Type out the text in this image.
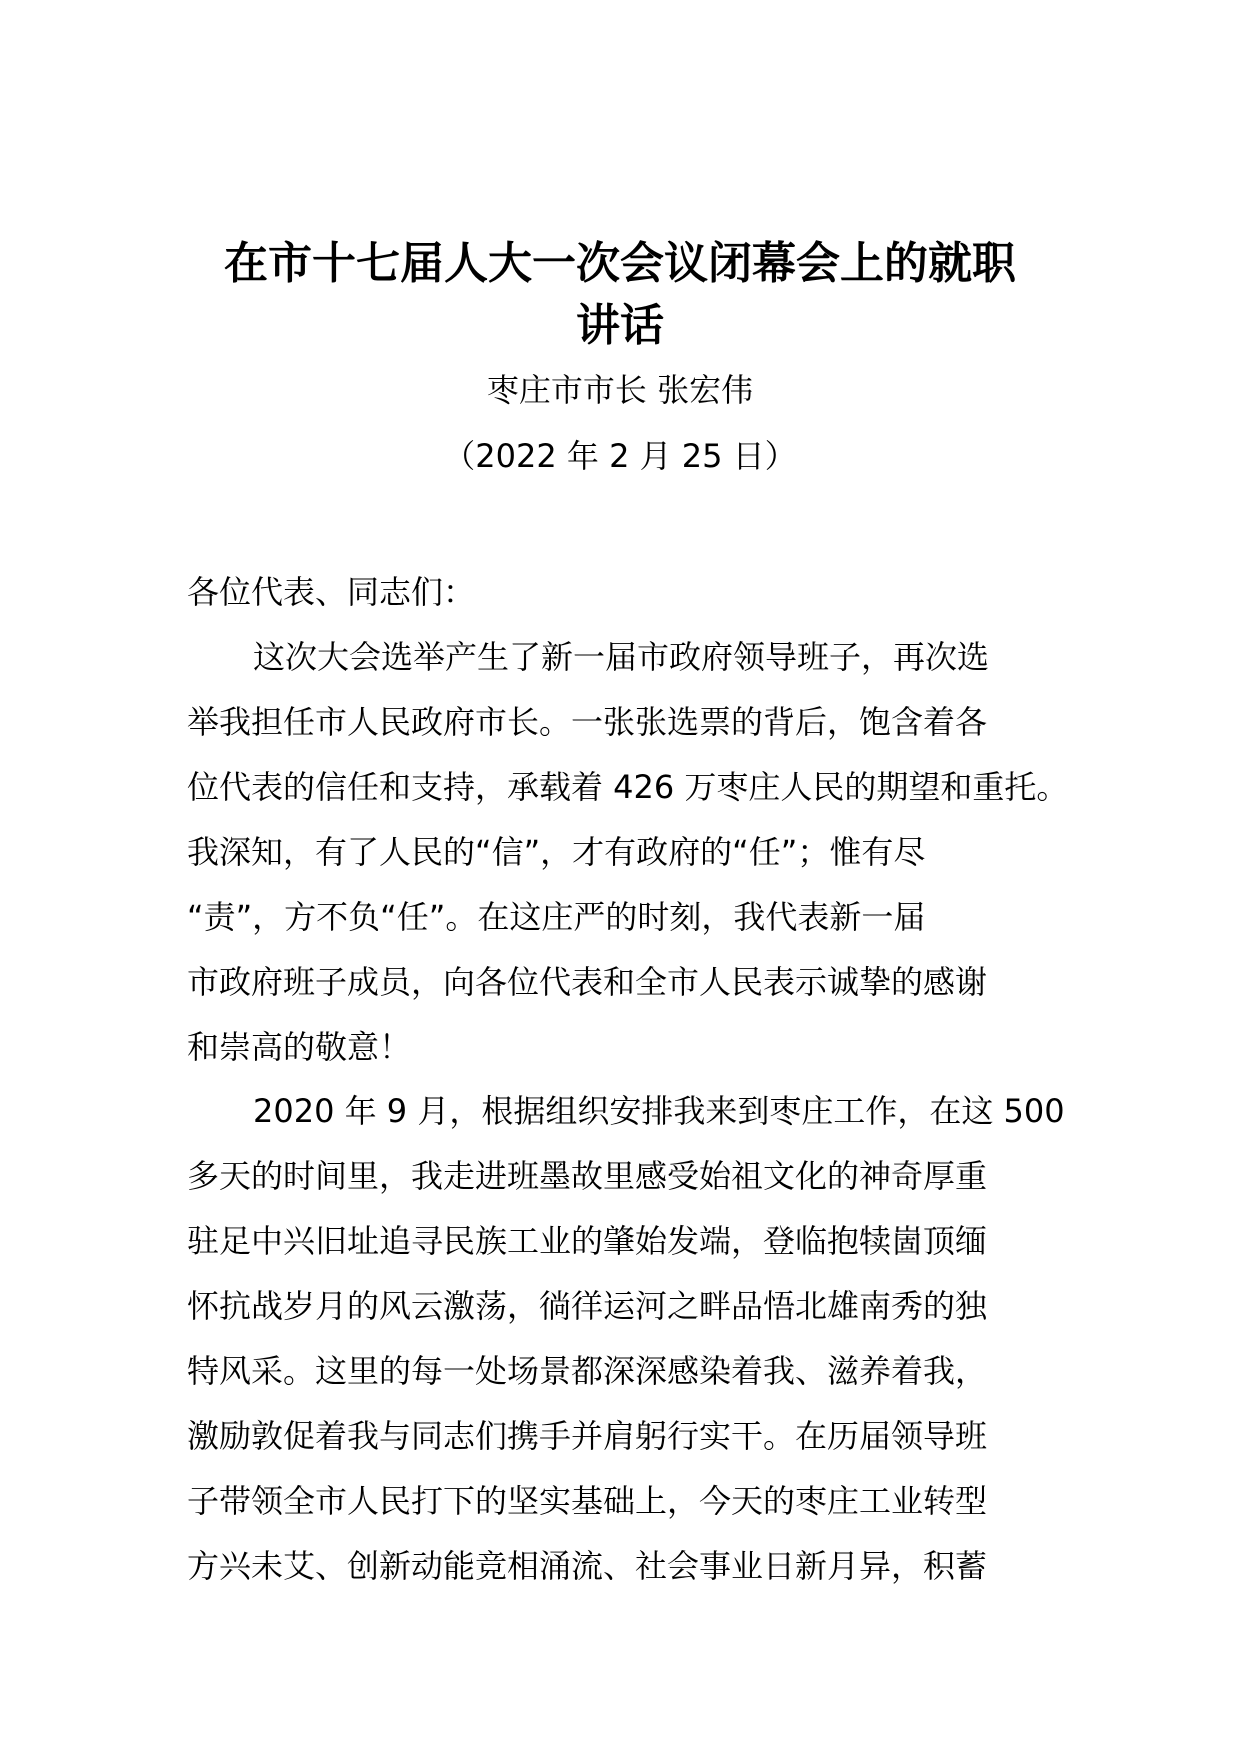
在市十七届人大一次会议闭幕会上的就职
讲话
枣庄市市长 张宏伟
（2022 年 2 月 25 日）
各位代表、同志们：
这次大会选举产生了新一届市政府领导班子，再次选
举我担任市人民政府市长。一张张选票的背后，饱含着各
位代表的信任和支持，承载着 426 万枣庄人民的期望和重托。
我深知，有了人民的“信”，才有政府的“任”；惟有尽
“责”，方不负“任”。在这庄严的时刻，我代表新一届
市政府班子成员，向各位代表和全市人民表示诚挚的感谢
和崇高的敬意！
2020 年 9 月，根据组织安排我来到枣庄工作，在这 500
多天的时间里，我走进班墨故里感受始祖文化的神奇厚重
驻足中兴旧址追寻民族工业的肇始发端，登临抱犊崮顶缅
怀抗战岁月的风云激荡，徜徉运河之畔品悟北雄南秀的独
特风采。这里的每一处场景都深深感染着我、滋养着我，
激励敦促着我与同志们携手并肩躬行实干。在历届领导班
子带领全市人民打下的坚实基础上，今天的枣庄工业转型
方兴未艾、创新动能竞相涌流、社会事业日新月异，积蓄
